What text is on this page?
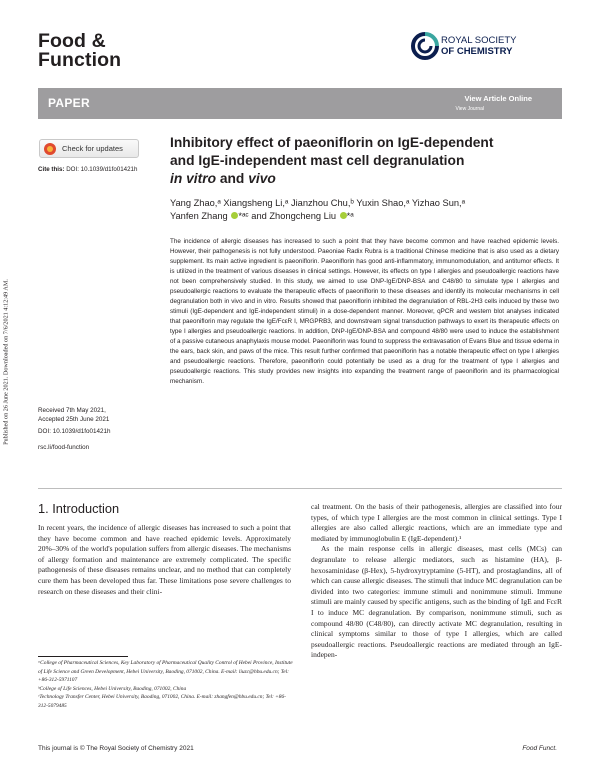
Published on 26 June 2021. Downloaded on 7/6/2021 4:12:49 AM.
Food &
Function
ROYAL SOCIETY
OF CHEMISTRY
PAPER	View Article Online
View Journal
Check for updates
Cite this: DOI: 10.1039/d1fo01421h
Inhibitory effect of paeoniflorin on IgE-dependent
and IgE-independent mast cell degranulation
in vitro and vivo
Yang Zhao,ᵃ Xiangsheng Li,ᵃ Jianzhou Chu,ᵇ Yuxin Shao,ᵃ Yizhao Sun,ᵃ
Yanfen Zhang *ᵃᶜ and Zhongcheng Liu *ᵃ
The incidence of allergic diseases has increased to such a point that they have become common and have reached epidemic levels. However, their pathogenesis is not fully understood. Paeoniae Radix Rubra is a traditional Chinese medicine that is also used as a dietary supplement. Its main active ingredient is paeoniflorin. Paeoniflorin has good anti-inflammatory, immunomodulation, and antitumor effects. It is utilized in the treatment of various diseases in clinical settings. However, its effects on type I allergies and pseudoallergic reactions have not been comprehensively studied. In this study, we aimed to use DNP-IgE/DNP-BSA and C48/80 to simulate type I allergies and pseudoallergic reactions to evaluate the therapeutic effects of paeoniflorin to these diseases and identify its molecular mechanisms in cell degranulation both in vivo and in vitro. Results showed that paeoniflorin inhibited the degranulation of RBL-2H3 cells induced by these two stimuli (IgE-dependent and IgE-independent stimuli) in a dose-dependent manner. Moreover, qPCR and western blot analyses indicated that paeoniflorin may regulate the IgE/FcεR I, MRGPRB3, and downstream signal transduction pathways to exert its therapeutic effects on type I allergies and pseudoallergic reactions. In addition, DNP-IgE/DNP-BSA and compound 48/80 were used to induce the establishment of a passive cutaneous anaphylaxis mouse model. Paeoniflorin was found to suppress the extravasation of Evans Blue and tissue edema in the ears, back skin, and paws of the mice. This result further confirmed that paeoniflorin has a notable therapeutic effect on type I allergies and pseudoallergic reactions. Therefore, paeoniflorin could potentially be used as a drug for the treatment of type I allergies and pseudoallergic reactions. This study provides new insights into expanding the treatment range of paeoniflorin and its pharmacological mechanism.
Received 7th May 2021,
Accepted 25th June 2021
DOI: 10.1039/d1fo01421h
rsc.li/food-function
1. Introduction

In recent years, the incidence of allergic diseases has increased to such a point that they have become common and have reached epidemic levels. Approximately 20%–30% of the world's population suffers from allergic diseases. The mechanisms of allergy formation and maintenance are extremely complicated. The specific pathogenesis of these diseases remains unclear, and no method that can completely cure them has been developed thus far. These limitations pose severe challenges to research on these diseases and their clini-

cal treatment. On the basis of their pathogenesis, allergies are classified into four types, of which type I allergies are the most common in clinical settings. Type I allergies are also called allergic reactions, which are an immediate type and mediated by immunoglobulin E (IgE-dependent).¹

As the main response cells in allergic diseases, mast cells (MCs) can degranulate to release allergic mediators, such as histamine (HA), β-hexosaminidase (β-Hex), 5-hydroxytryptamine (5-HT), and prostaglandins, all of which can cause allergic diseases. The stimuli that induce MC degranulation can be divided into two categories: immune stimuli and nonimmune stimuli. Immune stimuli are mainly caused by specific antigens, such as the binding of IgE and FcεR I to induce MC degranulation. By comparison, nonimmune stimuli, such as compound 48/80 (C48/80), can directly activate MC degranulation, resulting in clinical symptoms similar to those of type I allergies, which are called pseudoallergic reactions. Pseudoallergic reactions are mediated through an IgE-indepen-

ᵃCollege of Pharmaceutical Sciences, Key Laboratory of Pharmaceutical Quality Control of Hebei Province, Institute of Life Science and Green Development, Hebei University, Baoding, 071002, China. E-mail: liuzc@hbu.edu.cn; Tel: +86-312-5971107
ᵇCollege of Life Sciences, Hebei University, Baoding, 071002, China
ᶜTechnology Transfer Center, Hebei University, Baoding, 071002, China. E-mail: zhangfen@hbu.edu.cn; Tel: +86-312-5079485
This journal is © The Royal Society of Chemistry 2021	Food Funct.
